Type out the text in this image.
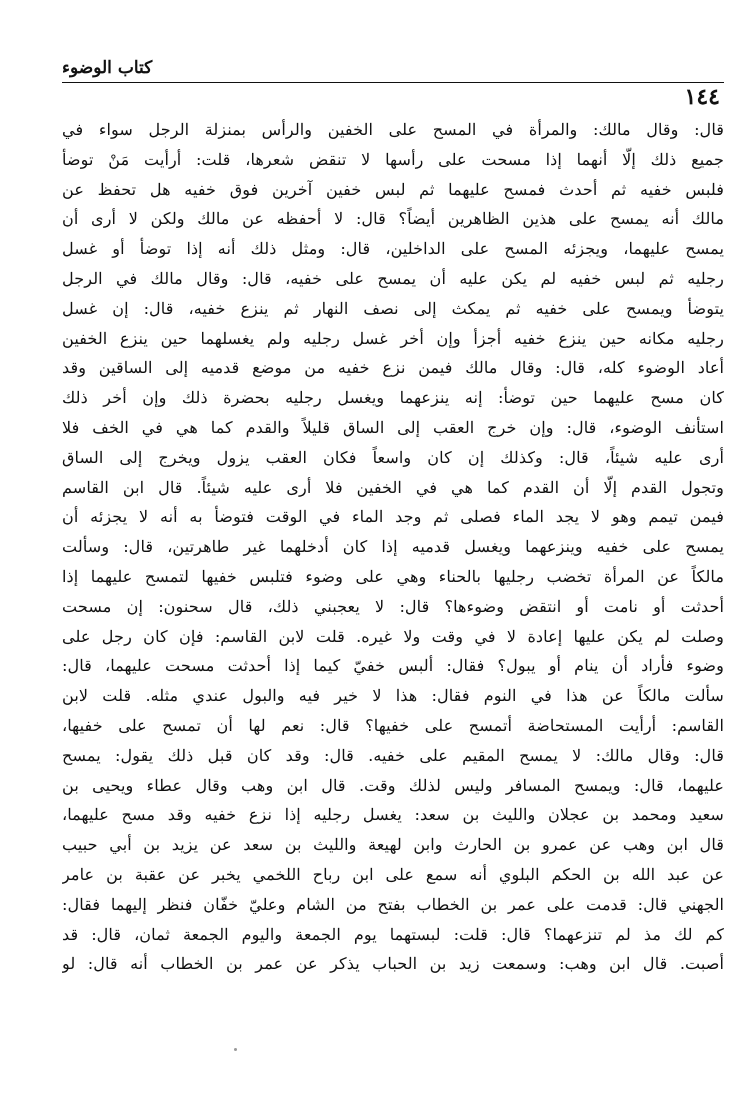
كتاب الوضوء
١٤٤
قال: وقال مالك: والمرأة في المسح على الخفين والرأس بمنزلة الرجل سواء في
جميع ذلك إلّا أنهما إذا مسحت على رأسها لا تنقض شعرها، قلت: أرأيت مَنْ توضأ
فلبس خفيه ثم أحدث فمسح عليهما ثم لبس خفين آخرين فوق خفيه هل تحفظ عن
مالك أنه يمسح على هذين الظاهرين أيضاً؟ قال: لا أحفظه عن مالك ولكن لا أرى أن
يمسح عليهما، ويجزئه المسح على الداخلين، قال: ومثل ذلك أنه إذا توضأ أو غسل
رجليه ثم لبس خفيه لم يكن عليه أن يمسح على خفيه، قال: وقال مالك في الرجل
يتوضأ ويمسح على خفيه ثم يمكث إلى نصف النهار ثم ينزع خفيه، قال: إن غسل
رجليه مكانه حين ينزع خفيه أجزأ وإن أخر غسل رجليه ولم يغسلهما حين ينزع الخفين
أعاد الوضوء كله، قال: وقال مالك فيمن نزع خفيه من موضع قدميه إلى الساقين وقد
كان مسح عليهما حين توضأ: إنه ينزعهما ويغسل رجليه بحضرة ذلك وإن أخر ذلك
استأنف الوضوء، قال: وإن خرج العقب إلى الساق قليلاً والقدم كما هي في الخف فلا
أرى عليه شيئاً، قال: وكذلك إن كان واسعاً فكان العقب يزول ويخرج إلى الساق
وتجول القدم إلّا أن القدم كما هي في الخفين فلا أرى عليه شيئاً. قال ابن القاسم
فيمن تيمم وهو لا يجد الماء فصلى ثم وجد الماء في الوقت فتوضأ به أنه لا يجزئه أن
يمسح على خفيه وينزعهما ويغسل قدميه إذا كان أدخلهما غير طاهرتين، قال: وسألت
مالكاً عن المرأة تخضب رجليها بالحناء وهي على وضوء فتلبس خفيها لتمسح عليهما إذا
أحدثت أو نامت أو انتقض وضوءها؟ قال: لا يعجبني ذلك، قال سحنون: إن مسحت
وصلت لم يكن عليها إعادة لا في وقت ولا غيره. قلت لابن القاسم: فإن كان رجل على
وضوء فأراد أن ينام أو يبول؟ فقال: ألبس خفيّ كيما إذا أحدثت مسحت عليهما، قال:
سألت مالكاً عن هذا في النوم فقال: هذا لا خير فيه والبول عندي مثله. قلت لابن
القاسم: أرأيت المستحاضة أتمسح على خفيها؟ قال: نعم لها أن تمسح على خفيها،
قال: وقال مالك: لا يمسح المقيم على خفيه. قال: وقد كان قبل ذلك يقول: يمسح
عليهما، قال: ويمسح المسافر وليس لذلك وقت. قال ابن وهب وقال عطاء ويحيى بن
سعيد ومحمد بن عجلان والليث بن سعد: يغسل رجليه إذا نزع خفيه وقد مسح عليهما،
قال ابن وهب عن عمرو بن الحارث وابن لهيعة والليث بن سعد عن يزيد بن أبي حبيب
عن عبد الله بن الحكم البلوي أنه سمع على ابن رباح اللخمي يخبر عن عقبة بن عامر
الجهني قال: قدمت على عمر بن الخطاب بفتح من الشام وعليّ خفّان فنظر إليهما فقال:
كم لك مذ لم تنزعهما؟ قال: قلت: لبستهما يوم الجمعة واليوم الجمعة ثمان، قال: قد
أصبت. قال ابن وهب: وسمعت زيد بن الحباب يذكر عن عمر بن الخطاب أنه قال: لو
